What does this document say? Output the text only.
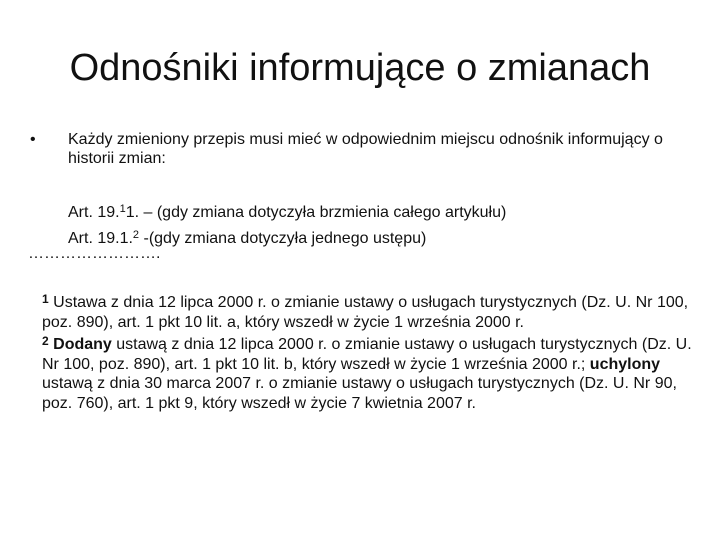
Odnośniki informujące o zmianach
• Każdy zmieniony przepis musi mieć w odpowiednim miejscu odnośnik informujący o historii zmian:
Art. 19.$^1$1. – (gdy zmiana dotyczyła brzmienia całego artykułu)
Art. 19.1.$^2$ -(gdy zmiana dotyczyła jednego ustępu)
…………………….
$^1$ Ustawa z dnia 12 lipca 2000 r. o zmianie ustawy o usługach turystycznych (Dz. U. Nr 100, poz. 890), art. 1 pkt 10 lit. a, który wszedł w życie 1 września 2000 r.
$^2$ Dodany ustawą z dnia 12 lipca 2000 r. o zmianie ustawy o usługach turystycznych (Dz. U. Nr 100, poz. 890), art. 1 pkt 10 lit. b, który wszedł w życie 1 września 2000 r.; uchylony ustawą z dnia 30 marca 2007 r. o zmianie ustawy o usługach turystycznych (Dz. U. Nr 90, poz. 760), art. 1 pkt 9, który wszedł w życie 7 kwietnia 2007 r.
